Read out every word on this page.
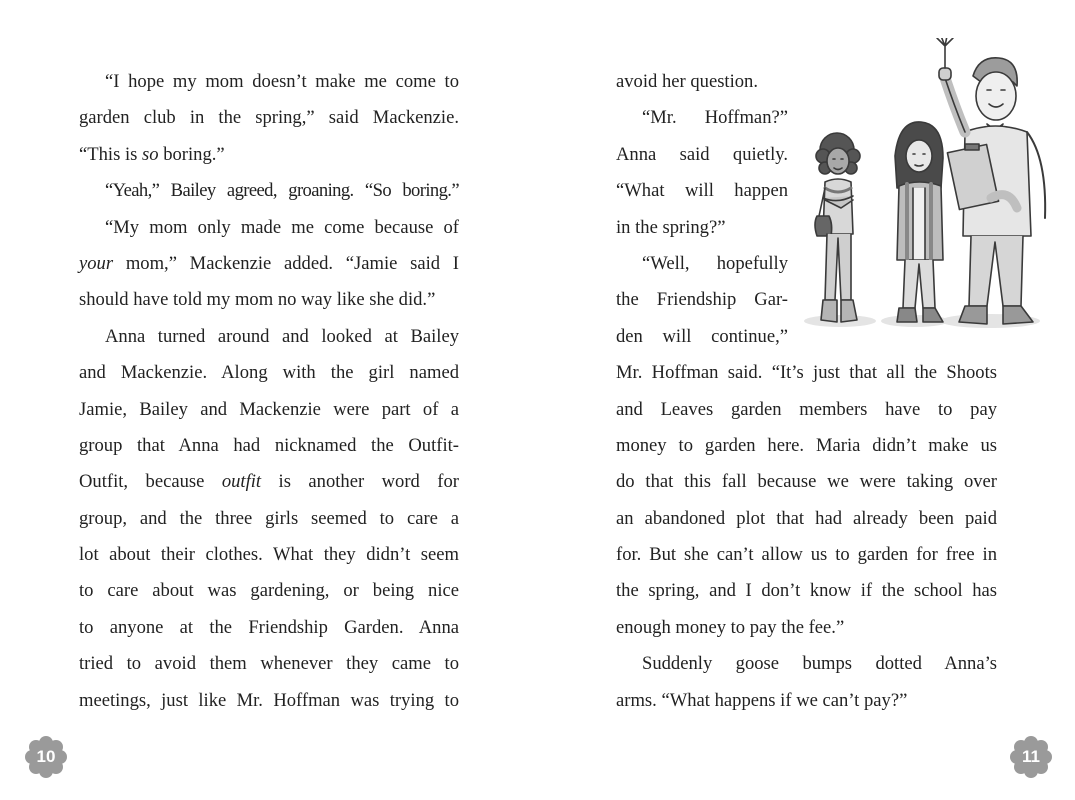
“I hope my mom doesn’t make me come to
garden club in the spring,” said Mackenzie.
“This is so boring.”
“Yeah,” Bailey agreed, groaning. “So boring.”
“My mom only made me come because of
your mom,” Mackenzie added. “Jamie said I
should have told my mom no way like she did.”
Anna turned around and looked at Bailey
and Mackenzie. Along with the girl named
Jamie, Bailey and Mackenzie were part of a
group that Anna had nicknamed the Outfit-
Outfit, because outfit is another word for
group, and the three girls seemed to care a
lot about their clothes. What they didn’t seem
to care about was gardening, or being nice
to anyone at the Friendship Garden. Anna
tried to avoid them whenever they came to
meetings, just like Mr. Hoffman was trying to
avoid her question.
“Mr. Hoffman?”
Anna said quietly.
“What will happen
in the spring?”
“Well, hopefully
the Friendship Gar-
den will continue,”
Mr. Hoffman said. “It’s just that all the Shoots
and Leaves garden members have to pay
money to garden here. Maria didn’t make us
do that this fall because we were taking over
an abandoned plot that had already been paid
for. But she can’t allow us to garden for free in
the spring, and I don’t know if the school has
enough money to pay the fee.”
Suddenly goose bumps dotted Anna’s
arms. “What happens if we can’t pay?”
10	11
